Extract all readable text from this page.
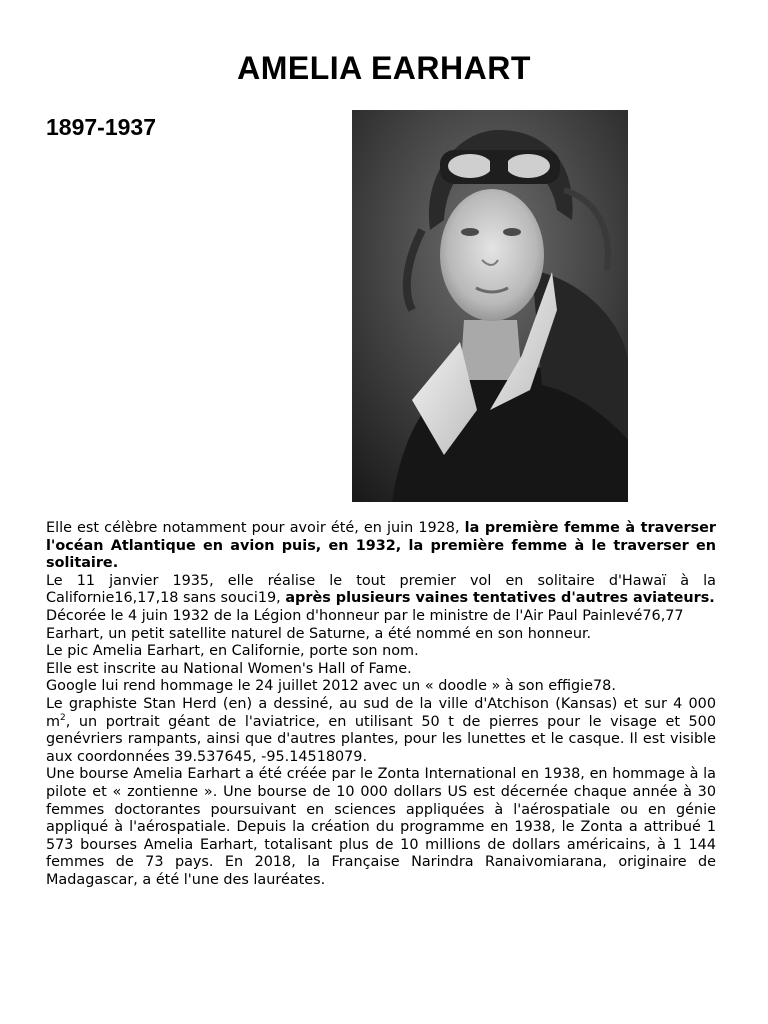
AMELIA EARHART
1897-1937

Elle est célèbre notamment pour avoir été, en juin 1928, la première femme à traverser l'océan Atlantique en avion puis, en 1932, la première femme à le traverser en solitaire.

Le 11 janvier 1935, elle réalise le tout premier vol en solitaire d'Hawaï à la Californie16,17,18 sans souci19, après plusieurs vaines tentatives d'autres aviateurs.

Décorée le 4 juin 1932 de la Légion d'honneur par le ministre de l'Air Paul Painlevé76,77

Earhart, un petit satellite naturel de Saturne, a été nommé en son honneur.

Le pic Amelia Earhart, en Californie, porte son nom.

Elle est inscrite au National Women's Hall of Fame.

Google lui rend hommage le 24 juillet 2012 avec un « doodle » à son effigie78.

Le graphiste Stan Herd (en) a dessiné, au sud de la ville d'Atchison (Kansas) et sur 4 000 $m^2$, un portrait géant de l'aviatrice, en utilisant 50 t de pierres pour le visage et 500 genévriers rampants, ainsi que d'autres plantes, pour les lunettes et le casque. Il est visible aux coordonnées 39.537645, -95.14518079.

Une bourse Amelia Earhart a été créée par le Zonta International en 1938, en hommage à la pilote et « zontienne ». Une bourse de 10 000 dollars US est décernée chaque année à 30 femmes doctorantes poursuivant en sciences appliquées à l'aérospatiale ou en génie appliqué à l'aérospatiale. Depuis la création du programme en 1938, le Zonta a attribué 1 573 bourses Amelia Earhart, totalisant plus de 10 millions de dollars américains, à 1 144 femmes de 73 pays. En 2018, la Française Narindra Ranaivomiarana, originaire de Madagascar, a été l'une des lauréates.
